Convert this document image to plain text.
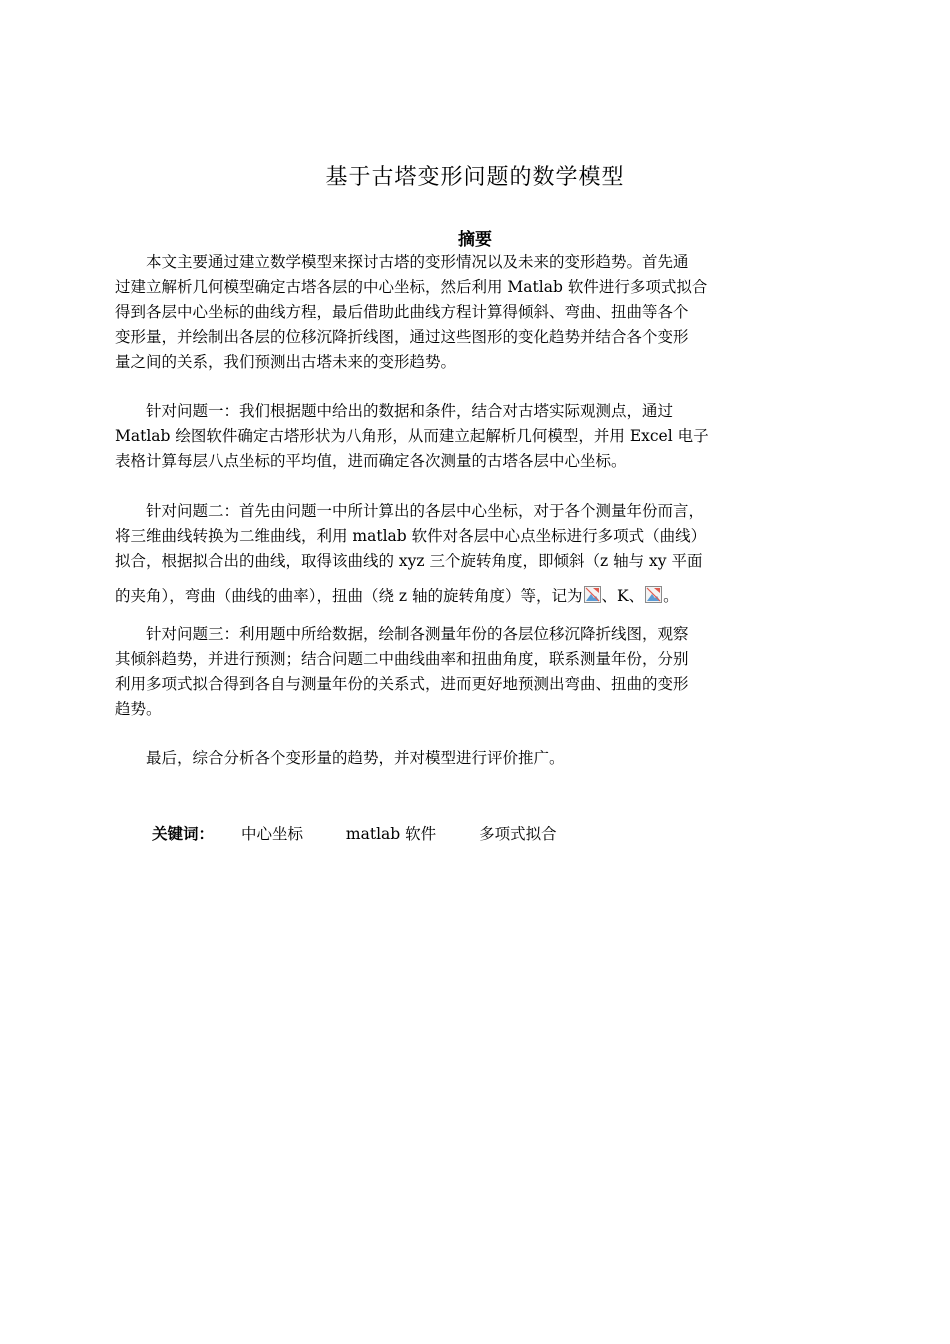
基于古塔变形问题的数学模型
摘要
本文主要通过建立数学模型来探讨古塔的变形情况以及未来的变形趋势。首先通
过建立解析几何模型确定古塔各层的中心坐标，然后利用 Matlab 软件进行多项式拟合
得到各层中心坐标的曲线方程，最后借助此曲线方程计算得倾斜、弯曲、扭曲等各个
变形量，并绘制出各层的位移沉降折线图，通过这些图形的变化趋势并结合各个变形
量之间的关系，我们预测出古塔未来的变形趋势。
针对问题一：我们根据题中给出的数据和条件，结合对古塔实际观测点，通过
Matlab 绘图软件确定古塔形状为八角形，从而建立起解析几何模型，并用 Excel 电子
表格计算每层八点坐标的平均值，进而确定各次测量的古塔各层中心坐标。
针对问题二：首先由问题一中所计算出的各层中心坐标，对于各个测量年份而言，
将三维曲线转换为二维曲线，利用 matlab 软件对各层中心点坐标进行多项式（曲线）
拟合，根据拟合出的曲线，取得该曲线的 xyz 三个旋转角度，即倾斜（z 轴与 xy 平面
的夹角），弯曲（曲线的曲率），扭曲（绕 z 轴的旋转角度）等，记为 、K、 。
针对问题三：利用题中所给数据，绘制各测量年份的各层位移沉降折线图，观察
其倾斜趋势，并进行预测；结合问题二中曲线曲率和扭曲角度，联系测量年份，分别
利用多项式拟合得到各自与测量年份的关系式，进而更好地预测出弯曲、扭曲的变形
趋势。
最后，综合分析各个变形量的趋势，并对模型进行评价推广。
关键词： 中心坐标	matlab 软件	多项式拟合
